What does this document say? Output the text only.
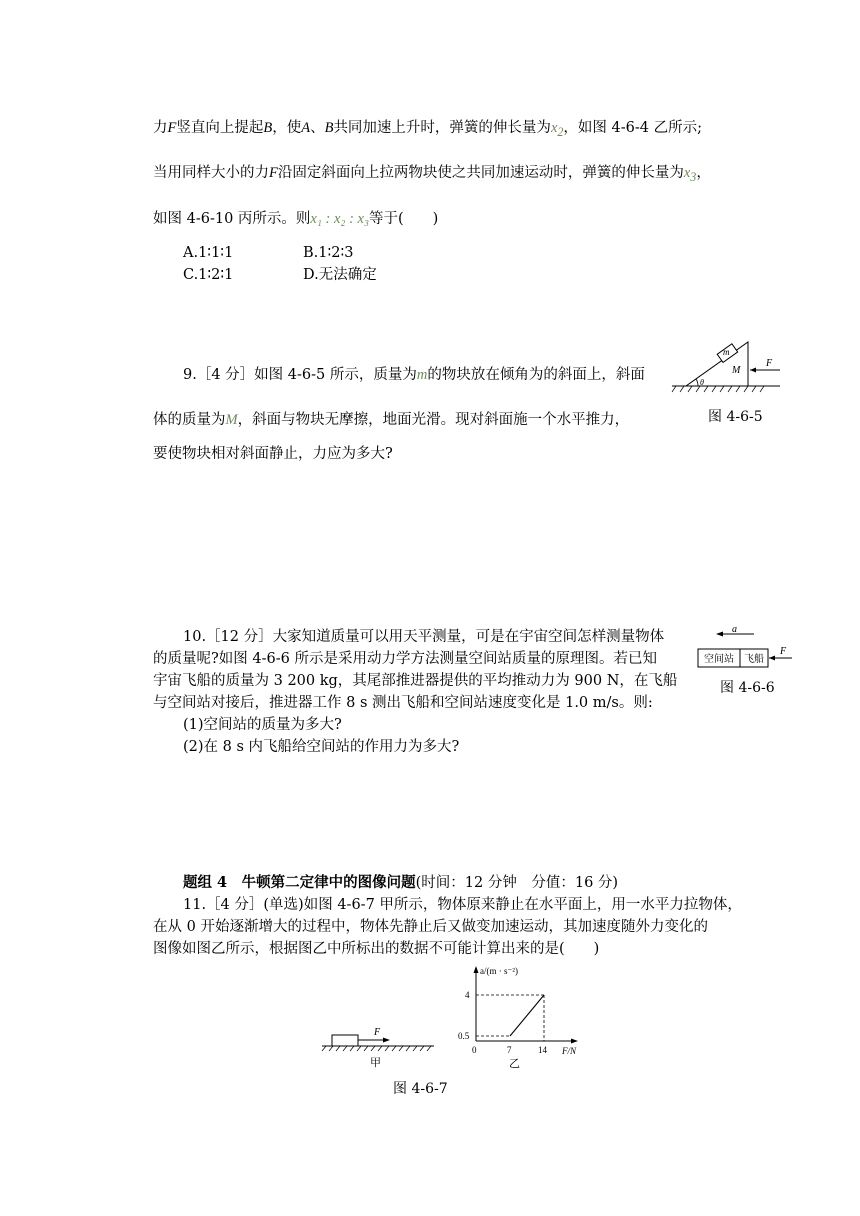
力F竖直向上提起B，使A、B共同加速上升时，弹簧的伸长量为$x_2$，如图 4-6-4 乙所示;
当用同样大小的力F沿固定斜面向上拉两物块使之共同加速运动时，弹簧的伸长量为$x_3$，
如图 4-6-10 丙所示。则x₁ : x₂ : x₃等于(　　)
A.1∶1∶1	B.1∶2∶3
C.1∶2∶1	D.无法确定
9.［4 分］如图 4-6-5 所示，质量为m的物块放在倾角为的斜面上，斜面
体的质量为M，斜面与物块无摩擦，地面光滑。现对斜面施一个水平推力，
要使物块相对斜面静止，力应为多大?
m
M
F
θ
图 4-6-5
10.［12 分］大家知道质量可以用天平测量，可是在宇宙空间怎样测量物体
的质量呢?如图 4-6-6 所示是采用动力学方法测量空间站质量的原理图。若已知
宇宙飞船的质量为 3 200 kg，其尾部推进器提供的平均推动力为 900 N，在飞船
与空间站对接后，推进器工作 8 s 测出飞船和空间站速度变化是 1.0 m/s。则:
(1)空间站的质量为多大?
(2)在 8 s 内飞船给空间站的作用力为多大?
a
空间站 飞船
F
图 4-6-6
题组 4　牛顿第二定律中的图像问题(时间：12 分钟　分值：16 分)
11.［4 分］(单选)如图 4-6-7 甲所示，物体原来静止在水平面上，用一水平力拉物体，
在从 0 开始逐渐增大的过程中，物体先静止后又做变加速运动，其加速度随外力变化的
图像如图乙所示，根据图乙中所标出的数据不可能计算出来的是(　　)
F
甲
a/(m · s⁻²)
F/N
4
0.5
0	7	14
乙
图 4-6-7
